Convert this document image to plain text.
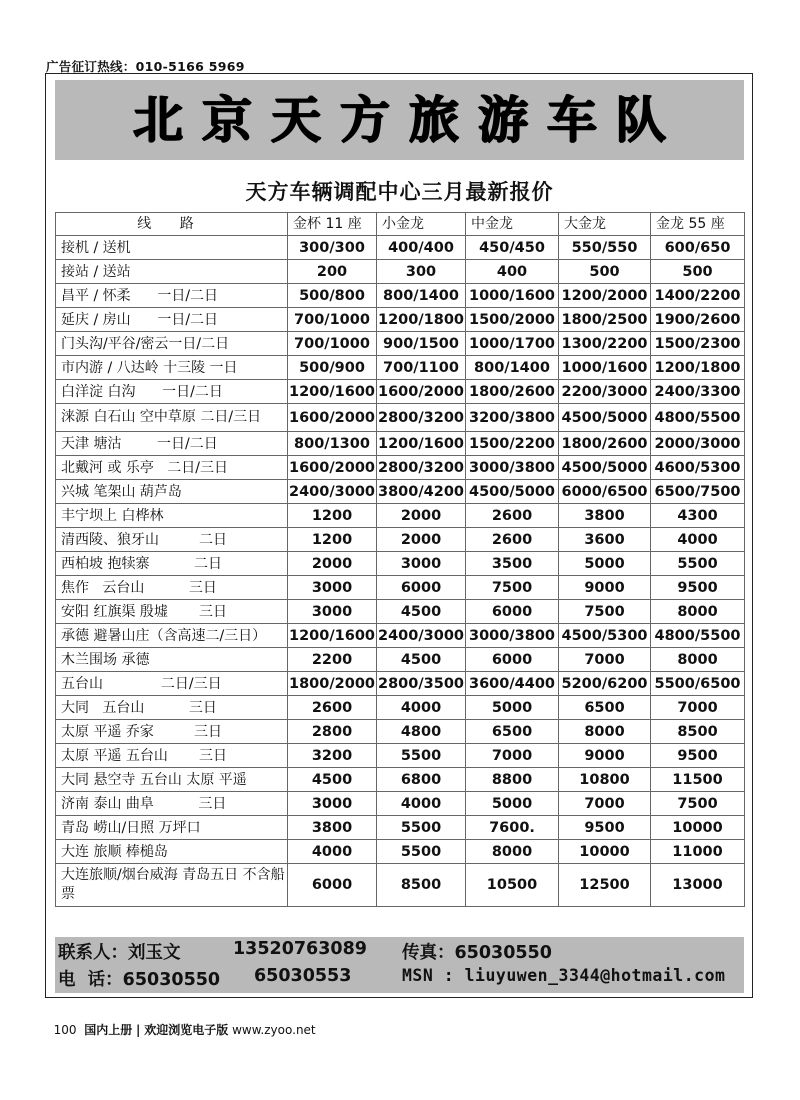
广告征订热线：010-5166 5969
北京天方旅游车队
天方车辆调配中心三月最新报价
线 路	金杯 11 座	小金龙	中金龙	大金龙	金龙 55 座
接机 / 送机	300/300	400/400	450/450	550/550	600/650
接站 / 送站	200	300	400	500	500
昌平 / 怀柔      一日/二日	500/800	800/1400	1000/1600	1200/2000	1400/2200
延庆 / 房山      一日/二日	700/1000	1200/1800	1500/2000	1800/2500	1900/2600
门头沟/平谷/密云一日/二日	700/1000	900/1500	1000/1700	1300/2200	1500/2300
市内游 / 八达岭 十三陵 一日	500/900	700/1100	800/1400	1000/1600	1200/1800
白洋淀 白沟      一日/二日	1200/1600	1600/2000	1800/2600	2200/3000	2400/3300
涞源 白石山 空中草原 二日/三日	1600/2000	2800/3200	3200/3800	4500/5000	4800/5500
天津 塘沽        一日/二日	800/1300	1200/1600	1500/2200	1800/2600	2000/3000
北戴河 或 乐亭   二日/三日	1600/2000	2800/3200	3000/3800	4500/5000	4600/5300
兴城 笔架山 葫芦岛	2400/3000	3800/4200	4500/5000	6000/6500	6500/7500
丰宁坝上 白桦林	1200	2000	2600	3800	4300
清西陵、狼牙山         二日	1200	2000	2600	3600	4000
西柏坡 抱犊寨          二日	2000	3000	3500	5000	5500
焦作   云台山          三日	3000	6000	7500	9000	9500
安阳 红旗渠 殷墟       三日	3000	4500	6000	7500	8000
承德 避暑山庄（含高速二/三日）	1200/1600	2400/3000	3000/3800	4500/5300	4800/5500
木兰围场 承德	2200	4500	6000	7000	8000
五台山             二日/三日	1800/2000	2800/3500	3600/4400	5200/6200	5500/6500
大同   五台山          三日	2600	4000	5000	6500	7000
太原 平遥 乔家         三日	2800	4800	6500	8000	8500
太原 平遥 五台山       三日	3200	5500	7000	9000	9500
大同 悬空寺 五台山 太原 平遥	4500	6800	8800	10800	11500
济南 泰山 曲阜          三日	3000	4000	5000	7000	7500
青岛 崂山/日照 万坪口	3800	5500	7600.	9500	10000
大连 旅顺 棒槌岛	4000	5500	8000	10000	11000
大连旅顺/烟台威海 青岛五日 不含船票	6000	8500	10500	12500	13000
联系人：刘玉文	13520763089 传真：65030550
电  话：65030550 65030553	MSN : liuyuwen_3344@hotmail.com

100 国内上册 | 欢迎浏览电子版 www.zyoo.net
